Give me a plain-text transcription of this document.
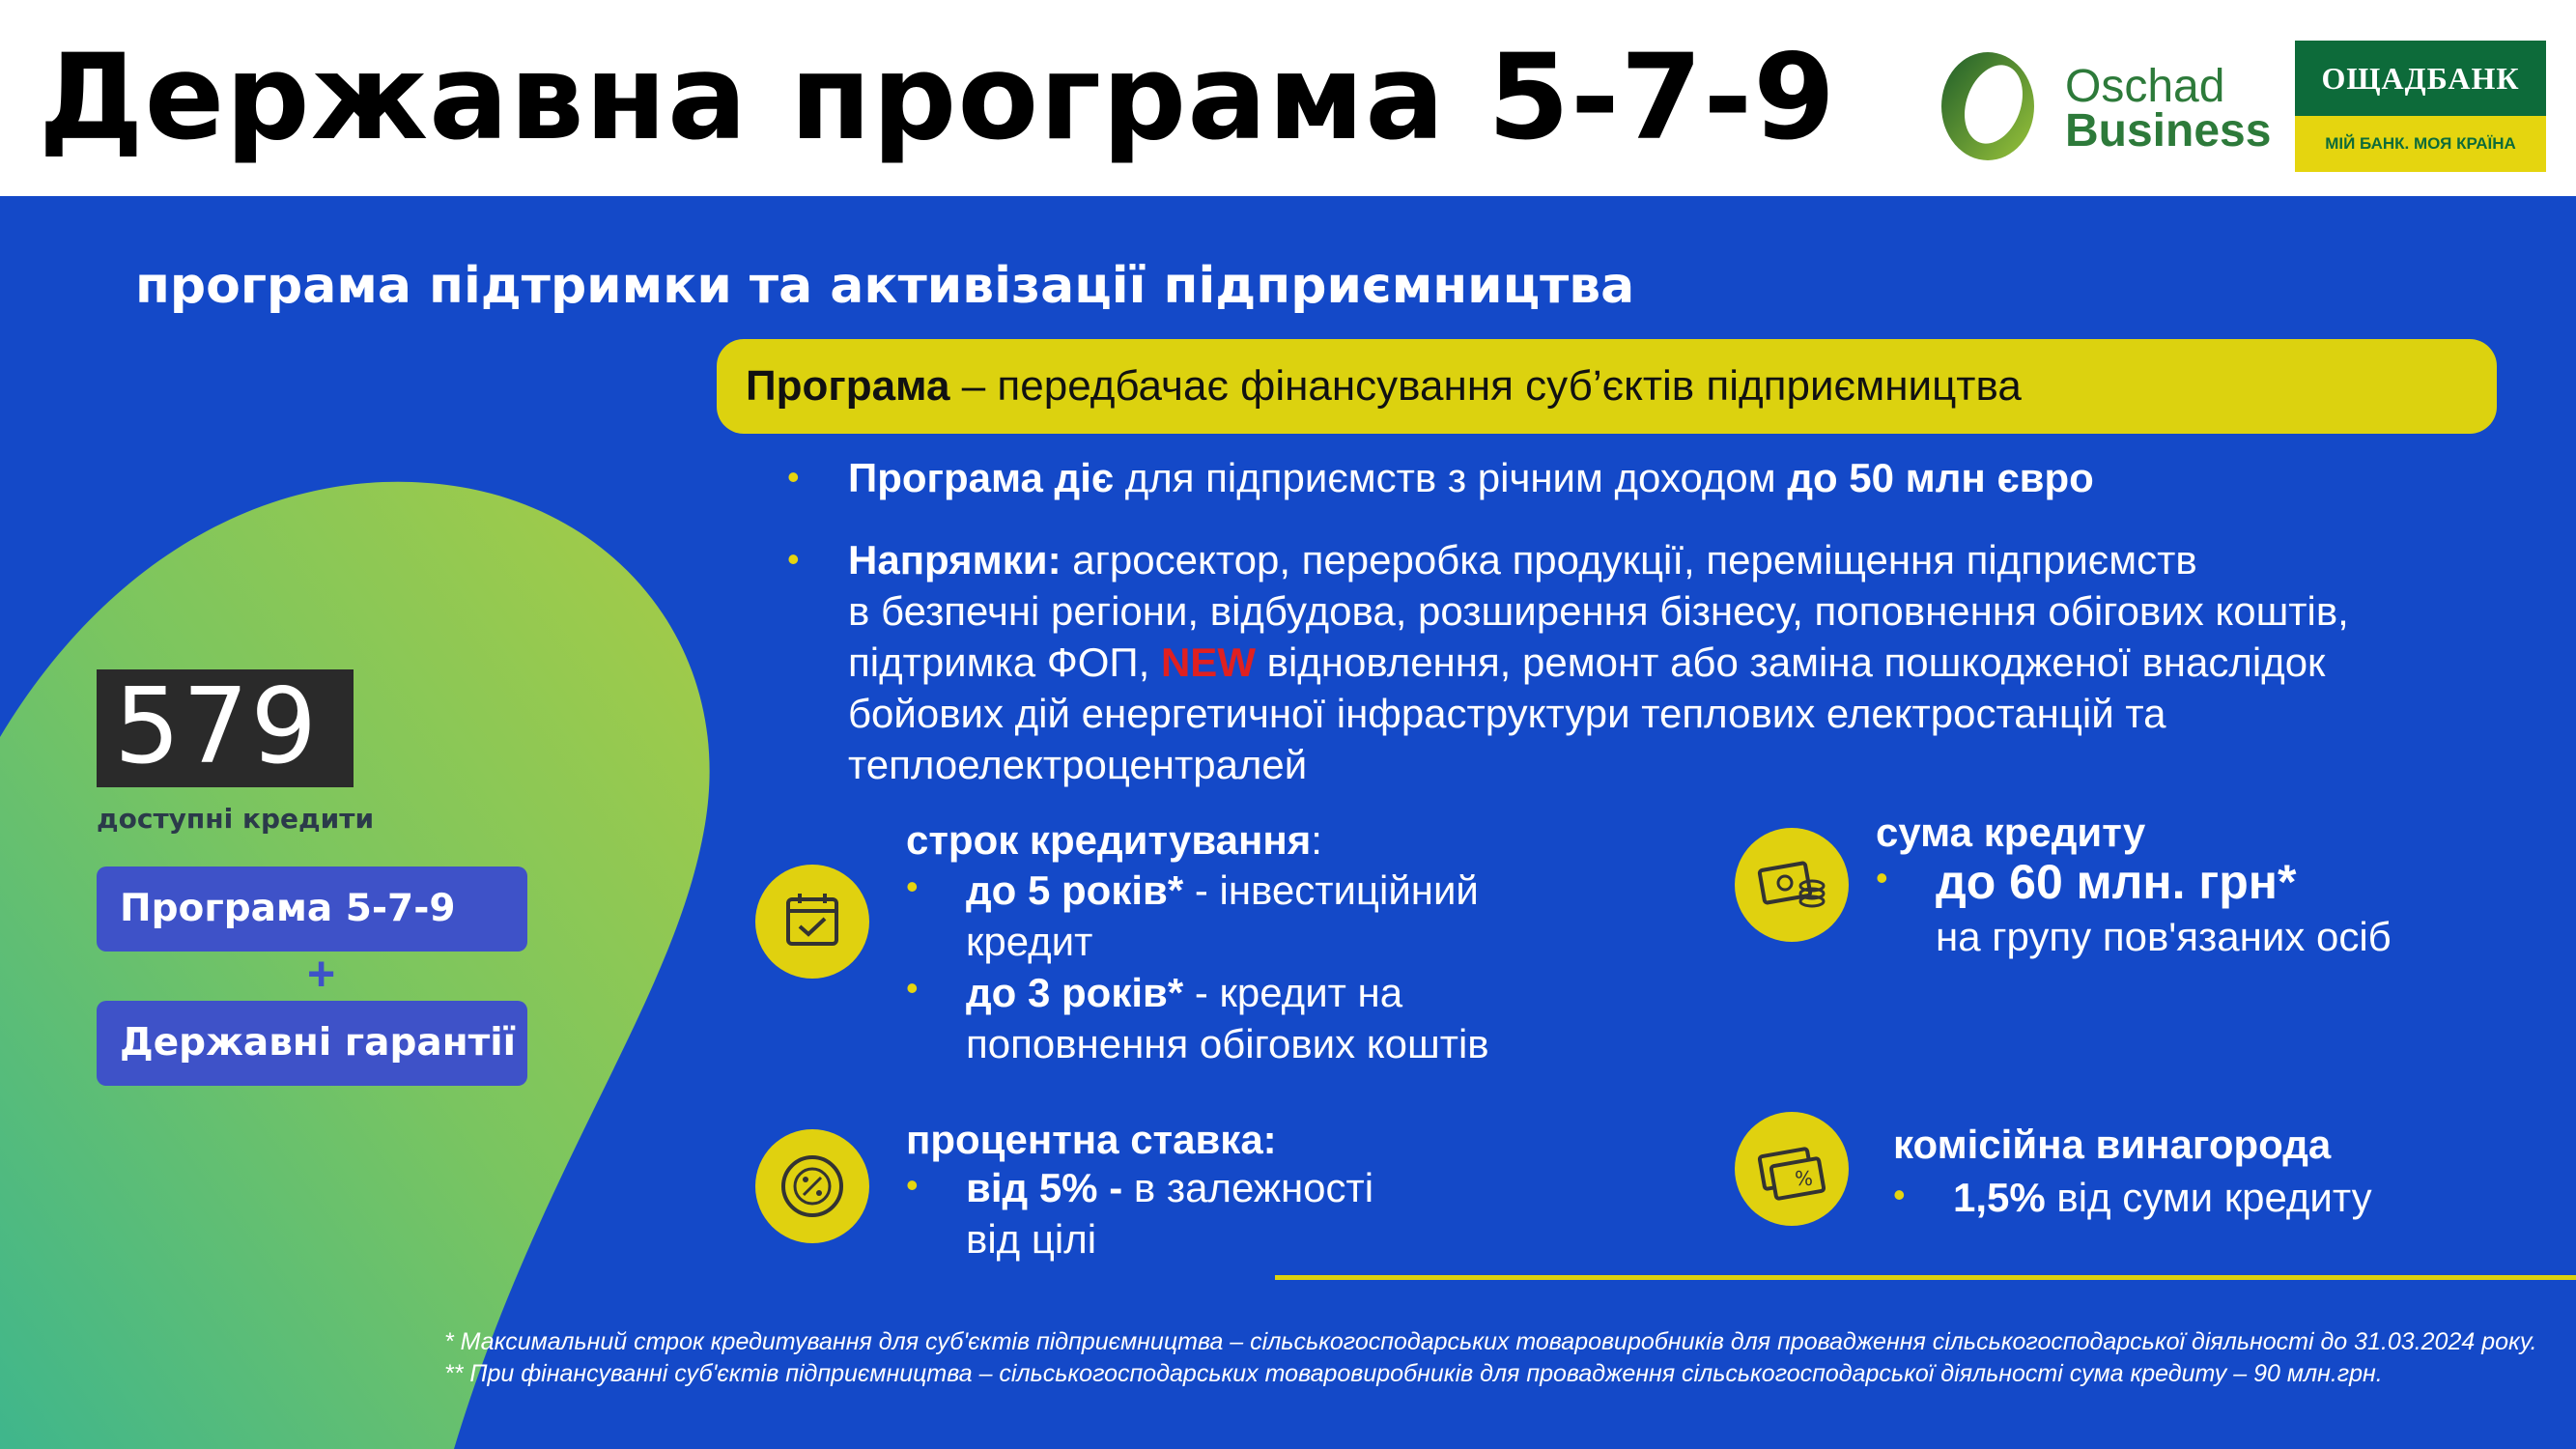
Державна програма 5-7-9	Oschad
Business
ОЩАДБАНК
МІЙ БАНК. МОЯ КРАЇНА
програма підтримки та активізації підприємництва
Програма – передбачає фінансування суб’єктів підприємництва
• Програма діє для підприємств з річним доходом до 50 млн євро
• Напрямки: агросектор, переробка продукції, переміщення підприємств
в безпечні регіони, відбудова, розширення бізнесу, поповнення обігових коштів,
підтримка ФОП, NEW відновлення, ремонт або заміна пошкодженої внаслідок
бойових дій енергетичної інфраструктури теплових електростанцій та
теплоелектроцентралей
строк кредитування:
• до 5 років* - інвестиційний
кредит
до 3 років* - кредит на
поповнення обігових коштів
•
сума кредиту
• до 60 млн. грн*
на групу пов'язаних осіб
процентна ставка:
• від 5% - в залежності
від цілі
%
комісійна винагорода
• 1,5% від суми кредиту
579
доступні кредити
Програма 5-7-9
+
Державні гарантії
* Максимальний строк кредитування для суб'єктів підприємництва – сільськогосподарських товаровиробників для провадження сільськогосподарської діяльності до 31.03.2024 року.
** При фінансуванні суб'єктів підприємництва – сільськогосподарських товаровиробників для провадження сільськогосподарської діяльності сума кредиту – 90 млн.грн.
